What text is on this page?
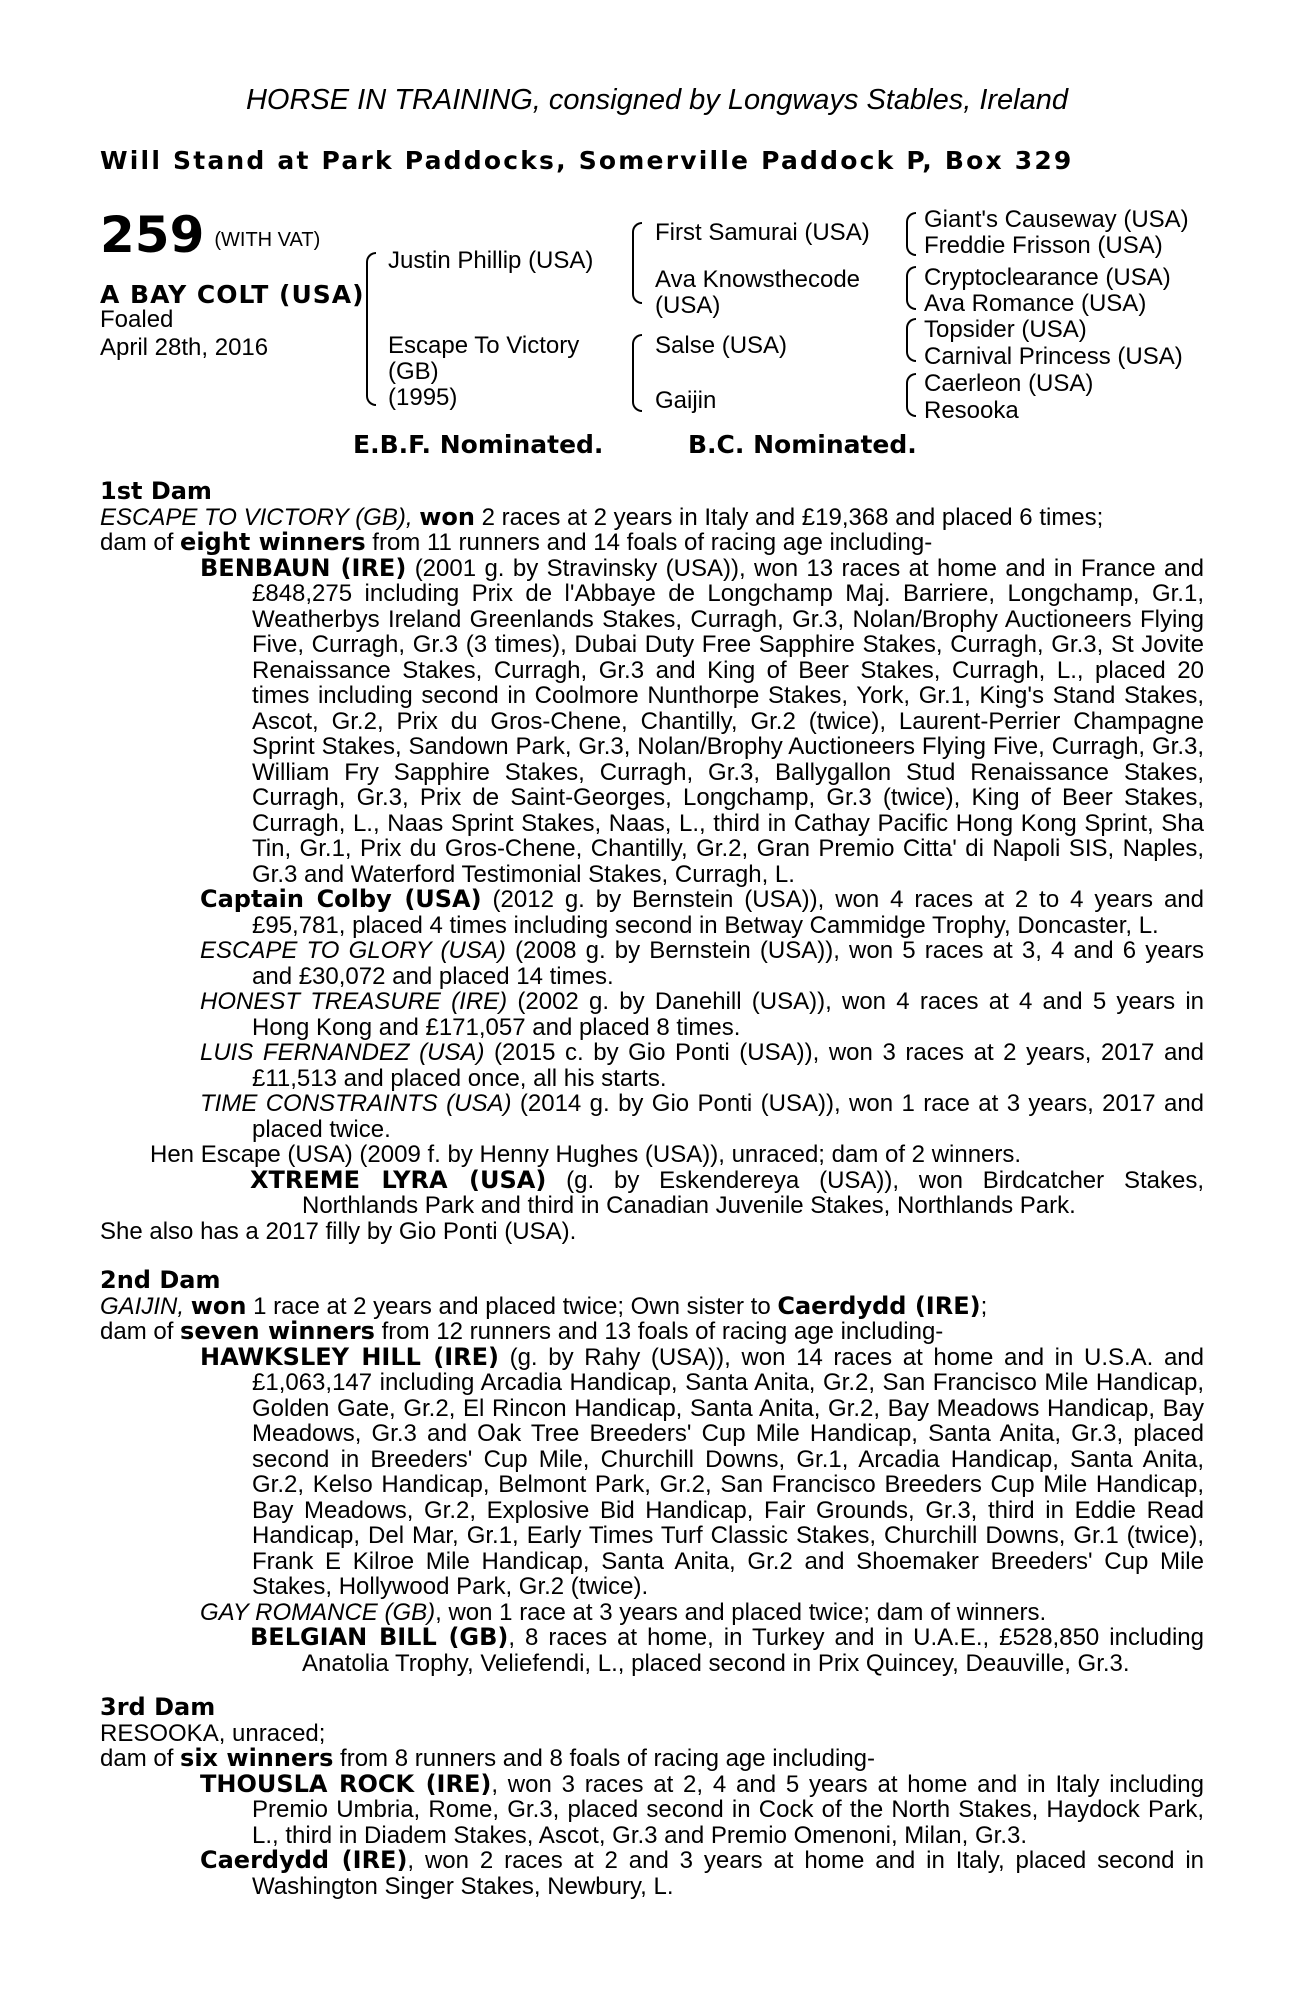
HORSE IN TRAINING, consigned by Longways Stables, Ireland
Will Stand at Park Paddocks, Somerville Paddock P, Box 329
259 (WITH VAT)
A BAY COLT (USA)
Foaled
April 28th, 2016
Justin Phillip (USA)
Escape To Victory
(GB)
(1995)
First Samurai (USA)
Ava Knowsthecode
(USA)
Salse (USA)
Gaijin
Giant's Causeway (USA)
Freddie Frisson (USA)
Cryptoclearance (USA)
Ava Romance (USA)
Topsider (USA)
Carnival Princess (USA)
Caerleon (USA)
Resooka
E.B.F. Nominated.	B.C. Nominated.
1st Dam

ESCAPE TO VICTORY (GB), won 2 races at 2 years in Italy and £19,368 and placed 6 times;

dam of eight winners from 11 runners and 14 foals of racing age including-

BENBAUN (IRE) (2001 g. by Stravinsky (USA)), won 13 races at home and in France and £848,275 including Prix de l'Abbaye de Longchamp Maj. Barriere, Longchamp, Gr.1, Weatherbys Ireland Greenlands Stakes, Curragh, Gr.3, Nolan/Brophy Auctioneers Flying Five, Curragh, Gr.3 (3 times), Dubai Duty Free Sapphire Stakes, Curragh, Gr.3, St Jovite Renaissance Stakes, Curragh, Gr.3 and King of Beer Stakes, Curragh, L., placed 20 times including second in Coolmore Nunthorpe Stakes, York, Gr.1, King's Stand Stakes, Ascot, Gr.2, Prix du Gros-Chene, Chantilly, Gr.2 (twice), Laurent-Perrier Champagne Sprint Stakes, Sandown Park, Gr.3, Nolan/Brophy Auctioneers Flying Five, Curragh, Gr.3, William Fry Sapphire Stakes, Curragh, Gr.3, Ballygallon Stud Renaissance Stakes, Curragh, Gr.3, Prix de Saint-Georges, Longchamp, Gr.3 (twice), King of Beer Stakes, Curragh, L., Naas Sprint Stakes, Naas, L., third in Cathay Pacific Hong Kong Sprint, Sha Tin, Gr.1, Prix du Gros-Chene, Chantilly, Gr.2, Gran Premio Citta' di Napoli SIS, Naples, Gr.3 and Waterford Testimonial Stakes, Curragh, L.

Captain Colby (USA) (2012 g. by Bernstein (USA)), won 4 races at 2 to 4 years and £95,781, placed 4 times including second in Betway Cammidge Trophy, Doncaster, L.

ESCAPE TO GLORY (USA) (2008 g. by Bernstein (USA)), won 5 races at 3, 4 and 6 years and £30,072 and placed 14 times.

HONEST TREASURE (IRE) (2002 g. by Danehill (USA)), won 4 races at 4 and 5 years in Hong Kong and £171,057 and placed 8 times.

LUIS FERNANDEZ (USA) (2015 c. by Gio Ponti (USA)), won 3 races at 2 years, 2017 and £11,513 and placed once, all his starts.

TIME CONSTRAINTS (USA) (2014 g. by Gio Ponti (USA)), won 1 race at 3 years, 2017 and placed twice.

Hen Escape (USA) (2009 f. by Henny Hughes (USA)), unraced; dam of 2 winners.

XTREME LYRA (USA) (g. by Eskendereya (USA)), won Birdcatcher Stakes, Northlands Park and third in Canadian Juvenile Stakes, Northlands Park.

She also has a 2017 filly by Gio Ponti (USA).

2nd Dam

GAIJIN, won 1 race at 2 years and placed twice; Own sister to Caerdydd (IRE);

dam of seven winners from 12 runners and 13 foals of racing age including-

HAWKSLEY HILL (IRE) (g. by Rahy (USA)), won 14 races at home and in U.S.A. and £1,063,147 including Arcadia Handicap, Santa Anita, Gr.2, San Francisco Mile Handicap, Golden Gate, Gr.2, El Rincon Handicap, Santa Anita, Gr.2, Bay Meadows Handicap, Bay Meadows, Gr.3 and Oak Tree Breeders' Cup Mile Handicap, Santa Anita, Gr.3, placed second in Breeders' Cup Mile, Churchill Downs, Gr.1, Arcadia Handicap, Santa Anita, Gr.2, Kelso Handicap, Belmont Park, Gr.2, San Francisco Breeders Cup Mile Handicap, Bay Meadows, Gr.2, Explosive Bid Handicap, Fair Grounds, Gr.3, third in Eddie Read Handicap, Del Mar, Gr.1, Early Times Turf Classic Stakes, Churchill Downs, Gr.1 (twice), Frank E Kilroe Mile Handicap, Santa Anita, Gr.2 and Shoemaker Breeders' Cup Mile Stakes, Hollywood Park, Gr.2 (twice).

GAY ROMANCE (GB), won 1 race at 3 years and placed twice; dam of winners.

BELGIAN BILL (GB), 8 races at home, in Turkey and in U.A.E., £528,850 including Anatolia Trophy, Veliefendi, L., placed second in Prix Quincey, Deauville, Gr.3.

3rd Dam

RESOOKA, unraced;

dam of six winners from 8 runners and 8 foals of racing age including-

THOUSLA ROCK (IRE), won 3 races at 2, 4 and 5 years at home and in Italy including Premio Umbria, Rome, Gr.3, placed second in Cock of the North Stakes, Haydock Park, L., third in Diadem Stakes, Ascot, Gr.3 and Premio Omenoni, Milan, Gr.3.

Caerdydd (IRE), won 2 races at 2 and 3 years at home and in Italy, placed second in Washington Singer Stakes, Newbury, L.
